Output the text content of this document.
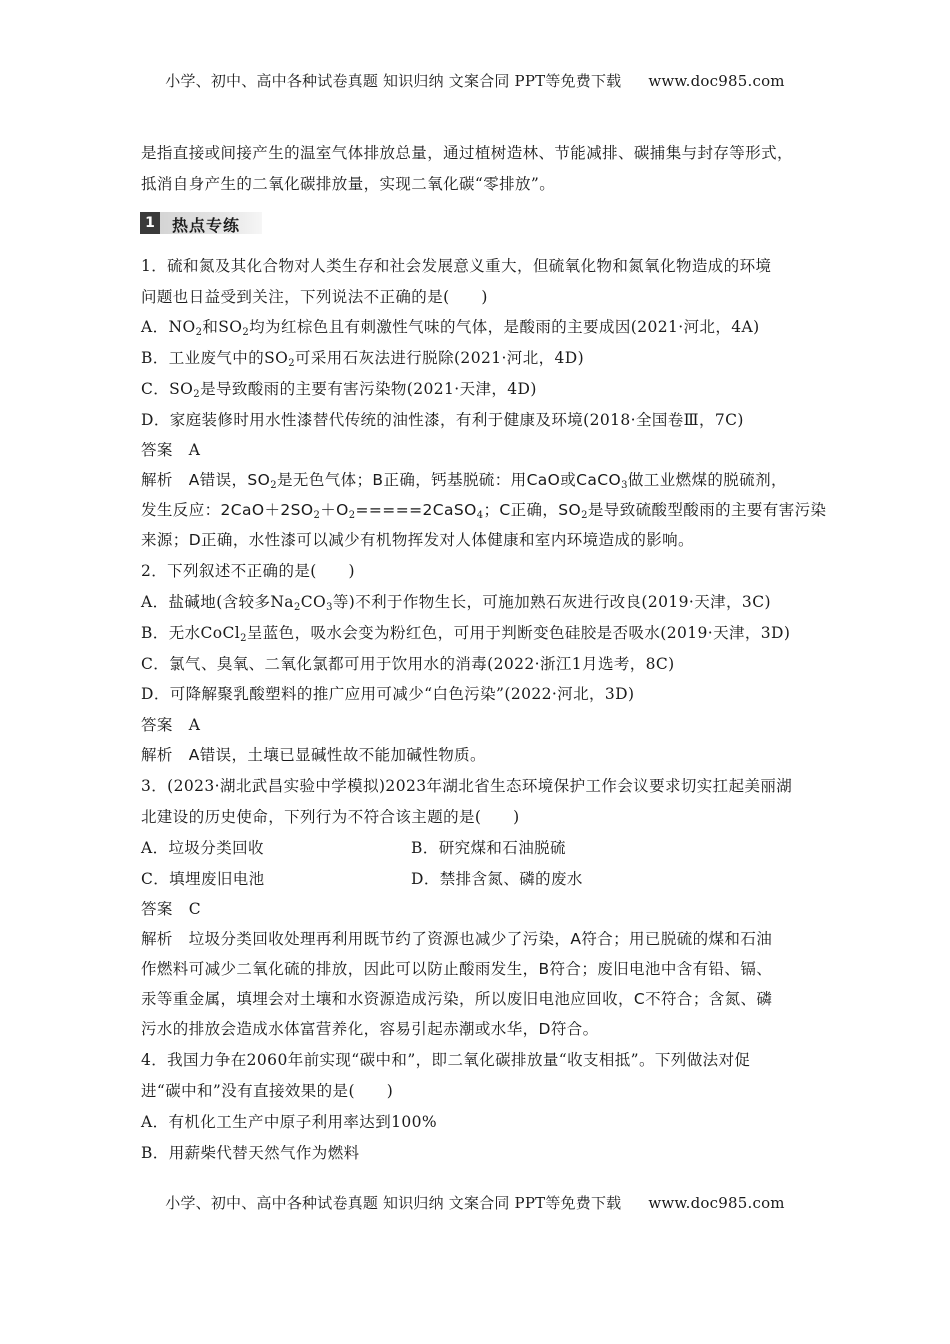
小学、初中、高中各种试卷真题 知识归纳 文案合同 PPT等免费下载 www.doc985.com
是指直接或间接产生的温室气体排放总量，通过植树造林、节能减排、碳捕集与封存等形式，
抵消自身产生的二氧化碳排放量，实现二氧化碳“零排放”。
1	热点专练
1．硫和氮及其化合物对人类生存和社会发展意义重大，但硫氧化物和氮氧化物造成的环境
问题也日益受到关注，下列说法不正确的是(　　)
A．$NO_2$和$SO_2$均为红棕色且有刺激性气味的气体，是酸雨的主要成因(2021·河北，4A)
B．工业废气中的$SO_2$可采用石灰法进行脱除(2021·河北，4D)
C．$SO_2$是导致酸雨的主要有害污染物(2021·天津，4D)
D．家庭装修时用水性漆替代传统的油性漆，有利于健康及环境(2018·全国卷Ⅲ，7C)
答案　 A
解析　 A错误，$SO_2$是无色气体；B正确，钙基脱硫：用CaO或CaCO$_3$做工业燃煤的脱硫剂，
发生反应：$2CaO+2SO_2+O_2=====2CaSO_4$；C正确，$SO_2$是导致硫酸型酸雨的主要有害污染
来源；D正确，水性漆可以减少有机物挥发对人体健康和室内环境造成的影响。
2．下列叙述不正确的是(　　)
A．盐碱地(含较多$Na_2CO_3$等)不利于作物生长，可施加熟石灰进行改良(2019·天津，3C)
B．无水CoCl$_2$呈蓝色，吸水会变为粉红色，可用于判断变色硅胶是否吸水(2019·天津，3D)
C．氯气、臭氧、二氧化氯都可用于饮用水的消毒(2022·浙江1月选考，8C)
D．可降解聚乳酸塑料的推广应用可减少“白色污染”(2022·河北，3D)
答案　 A
解析　 A错误，土壤已显碱性故不能加碱性物质。
3．(2023·湖北武昌实验中学模拟)2023年湖北省生态环境保护工作会议要求切实扛起美丽湖
北建设的历史使命，下列行为不符合该主题的是(　　)
A．垃圾分类回收	B．研究煤和石油脱硫
C．填埋废旧电池	D．禁排含氮、磷的废水
答案　 C
解析　 垃圾分类回收处理再利用既节约了资源也减少了污染，A符合；用已脱硫的煤和石油
作燃料可减少二氧化硫的排放，因此可以防止酸雨发生，B符合；废旧电池中含有铅、镉、
汞等重金属，填埋会对土壤和水资源造成污染，所以废旧电池应回收，C不符合；含氮、磷
污水的排放会造成水体富营养化，容易引起赤潮或水华，D符合。
4．我国力争在2060年前实现“碳中和”，即二氧化碳排放量“收支相抵”。下列做法对促
进“碳中和”没有直接效果的是(　　)
A．有机化工生产中原子利用率达到100%
B．用薪柴代替天然气作为燃料
小学、初中、高中各种试卷真题 知识归纳 文案合同 PPT等免费下载 www.doc985.com
